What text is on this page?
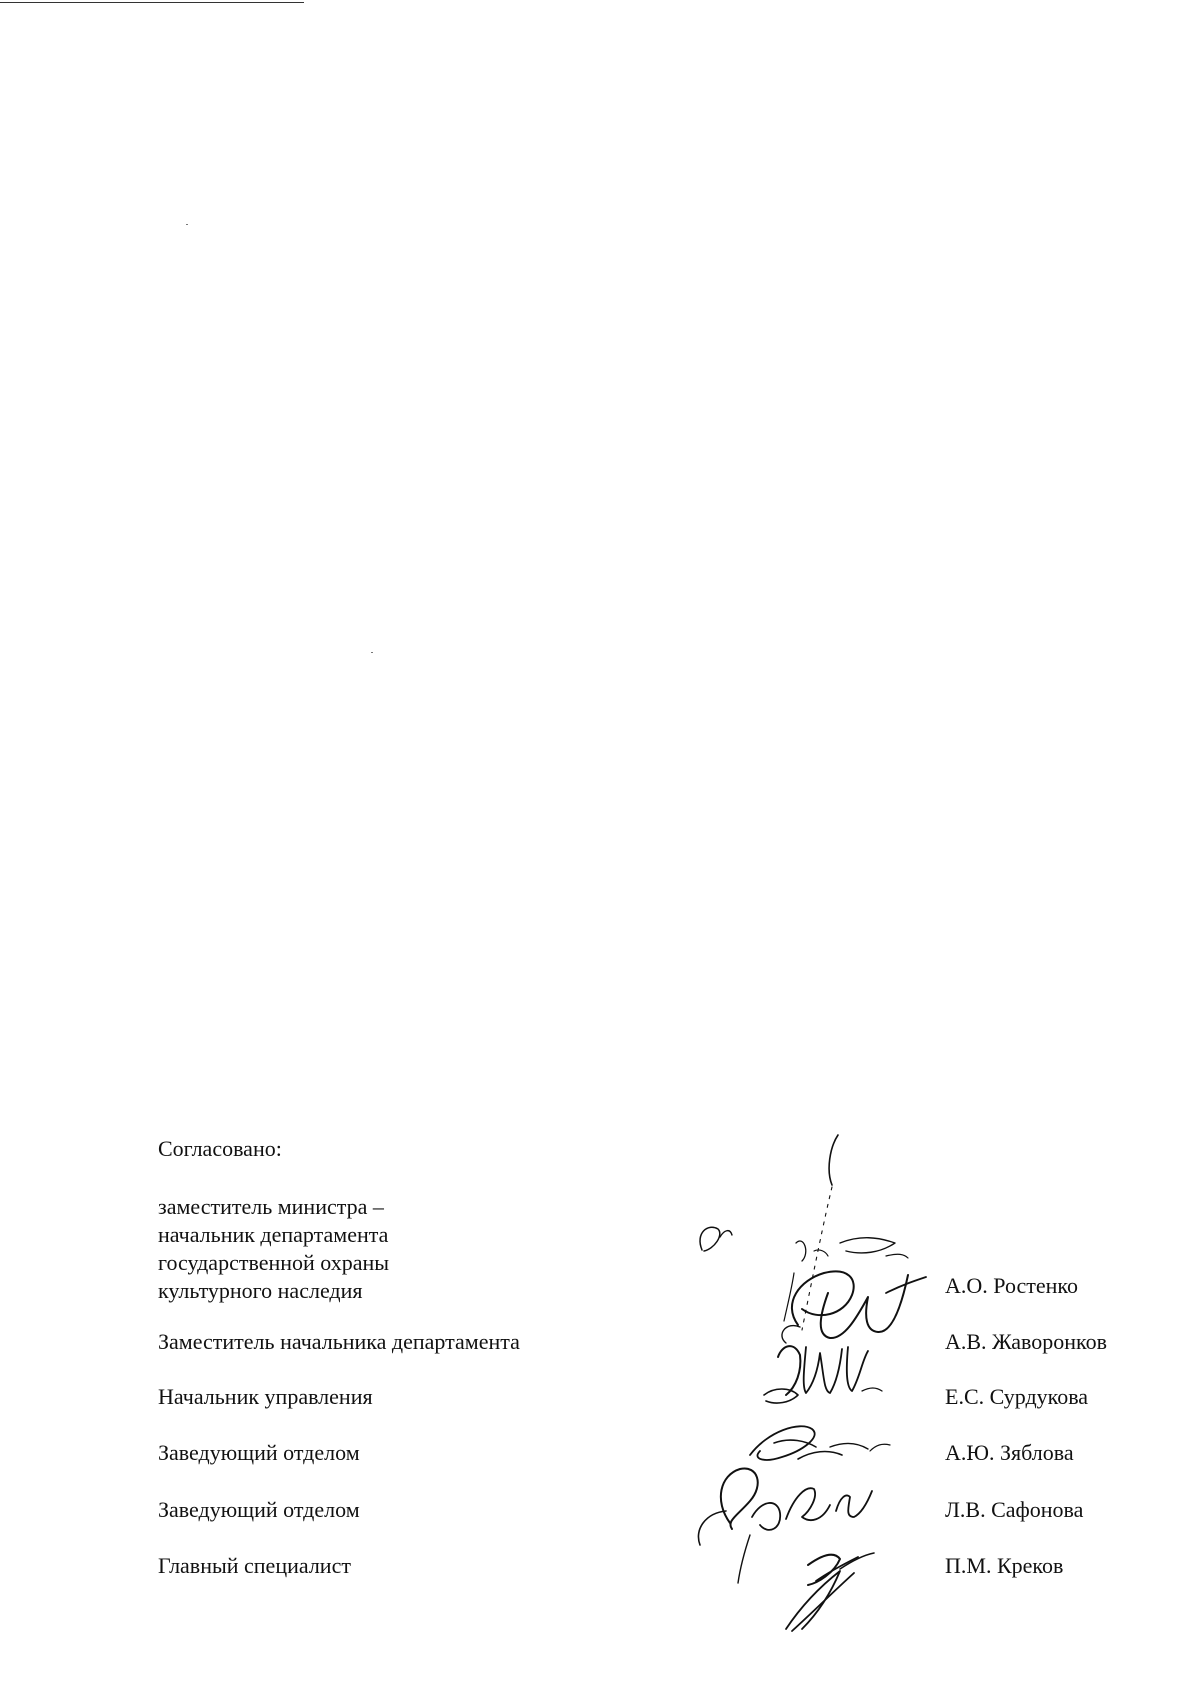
Согласовано:
заместитель министра –
начальник департамента
государственной охраны
культурного наследия	А.О. Ростенко
Заместитель начальника департамента	А.В. Жаворонков
Начальник управления	Е.С. Сурдукова
Заведующий отделом	А.Ю. Зяблова
Заведующий отделом	Л.В. Сафонова
Главный специалист	П.М. Креков
